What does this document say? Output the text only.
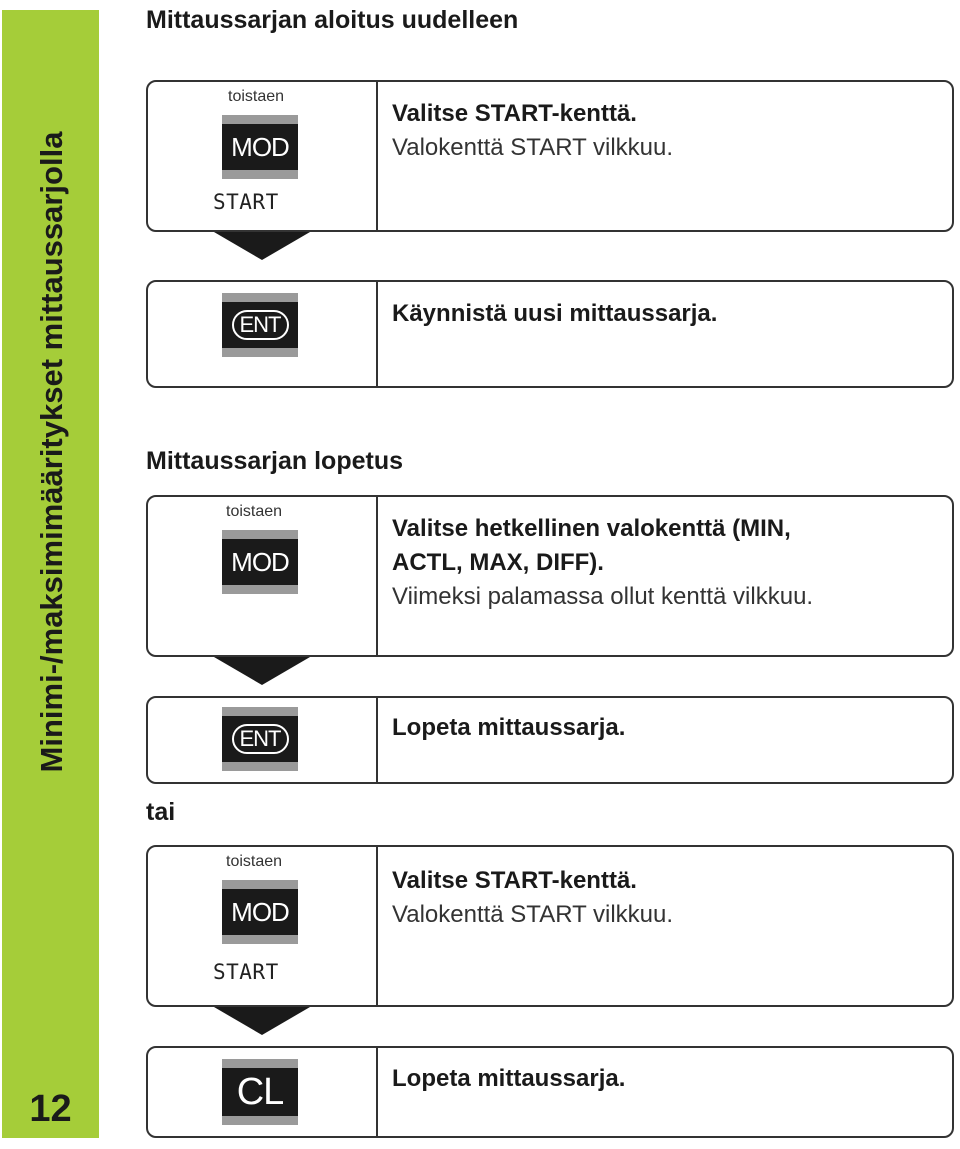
Minimi-/maksimimääritykset mittaussarjolla
12
Mittaussarjan aloitus uudelleen
toistaen
MOD
START
Valitse START-kenttä.
Valokenttä START vilkkuu.
ENT	Käynnistä uusi mittaussarja.
Mittaussarjan lopetus
toistaen
MOD
Valitse hetkellinen valokenttä (MIN,
ACTL, MAX, DIFF).
Viimeksi palamassa ollut kenttä vilkkuu.
ENT	Lopeta mittaussarja.
tai
toistaen
MOD
START
Valitse START-kenttä.
Valokenttä START vilkkuu.
CL	Lopeta mittaussarja.
